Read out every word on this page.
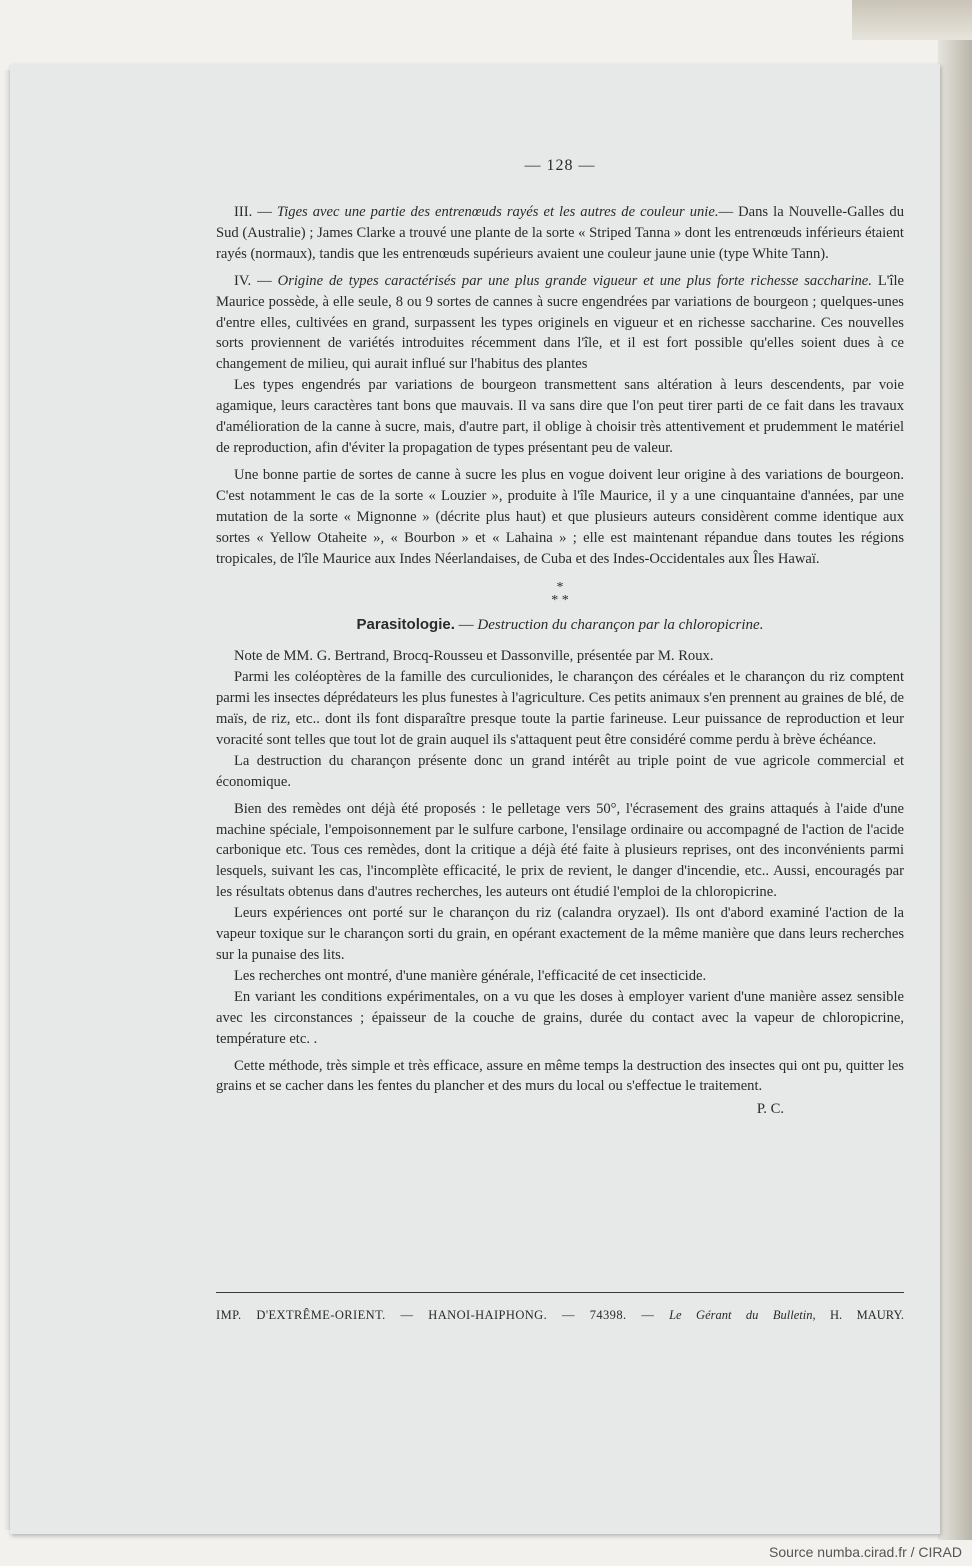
— 128 —

III. — Tiges avec une partie des entrenœuds rayés et les autres de couleur unie.— Dans la Nouvelle-Galles du Sud (Australie) ; James Clarke a trouvé une plante de la sorte « Striped Tanna » dont les entrenœuds inférieurs étaient rayés (normaux), tandis que les entrenœuds supérieurs avaient une couleur jaune unie (type White Tann).

IV. — Origine de types caractérisés par une plus grande vigueur et une plus forte richesse saccharine. L'île Maurice possède, à elle seule, 8 ou 9 sortes de cannes à sucre engendrées par variations de bourgeon ; quelques-unes d'entre elles, cultivées en grand, surpassent les types originels en vigueur et en richesse saccharine. Ces nouvelles sorts proviennent de variétés introduites récemment dans l'île, et il est fort possible qu'elles soient dues à ce changement de milieu, qui aurait influé sur l'habitus des plantes

Les types engendrés par variations de bourgeon transmettent sans altération à leurs descendents, par voie agamique, leurs caractères tant bons que mauvais. Il va sans dire que l'on peut tirer parti de ce fait dans les travaux d'amélioration de la canne à sucre, mais, d'autre part, il oblige à choisir très attentivement et prudemment le matériel de reproduction, afin d'éviter la propagation de types présentant peu de valeur.

Une bonne partie de sortes de canne à sucre les plus en vogue doivent leur origine à des variations de bourgeon. C'est notamment le cas de la sorte « Louzier », produite à l'île Maurice, il y a une cinquantaine d'années, par une mutation de la sorte « Mignonne » (décrite plus haut) et que plusieurs auteurs considèrent comme identique aux sortes « Yellow Otaheite », « Bourbon » et « Lahaina » ; elle est maintenant répandue dans toutes les régions tropicales, de l'île Maurice aux Indes Néerlandaises, de Cuba et des Indes-Occidentales aux Îles Hawaï.

*
* *
Parasitologie. — Destruction du charançon par la chloropicrine.

Note de MM. G. Bertrand, Brocq-Rousseu et Dassonville, présentée par M. Roux.

Parmi les coléoptères de la famille des curculionides, le charançon des céréales et le charançon du riz comptent parmi les insectes déprédateurs les plus funestes à l'agriculture. Ces petits animaux s'en prennent au graines de blé, de maïs, de riz, etc.. dont ils font disparaître presque toute la partie farineuse. Leur puissance de reproduction et leur voracité sont telles que tout lot de grain auquel ils s'attaquent peut être considéré comme perdu à brève échéance.

La destruction du charançon présente donc un grand intérêt au triple point de vue agricole commercial et économique.

Bien des remèdes ont déjà été proposés : le pelletage vers 50°, l'écrasement des grains attaqués à l'aide d'une machine spéciale, l'empoisonnement par le sulfure carbone, l'ensilage ordinaire ou accompagné de l'action de l'acide carbonique etc. Tous ces remèdes, dont la critique a déjà été faite à plusieurs reprises, ont des inconvénients parmi lesquels, suivant les cas, l'incomplète efficacité, le prix de revient, le danger d'incendie, etc.. Aussi, encouragés par les résultats obtenus dans d'autres recherches, les auteurs ont étudié l'emploi de la chloropicrine.

Leurs expériences ont porté sur le charançon du riz (calandra oryzael). Ils ont d'abord examiné l'action de la vapeur toxique sur le charançon sorti du grain, en opérant exactement de la même manière que dans leurs recherches sur la punaise des lits.

Les recherches ont montré, d'une manière générale, l'efficacité de cet insecticide.

En variant les conditions expérimentales, on a vu que les doses à employer varient d'une manière assez sensible avec les circonstances ; épaisseur de la couche de grains, durée du contact avec la vapeur de chloropicrine, température etc. .

Cette méthode, très simple et très efficace, assure en même temps la destruction des insectes qui ont pu, quitter les grains et se cacher dans les fentes du plancher et des murs du local ou s'effectue le traitement.

P. C.
IMP. D'EXTRÊME-ORIENT. — HANOI-HAIPHONG. — 74398. — Le Gérant du Bulletin, H. MAURY.
Source numba.cirad.fr / CIRAD
